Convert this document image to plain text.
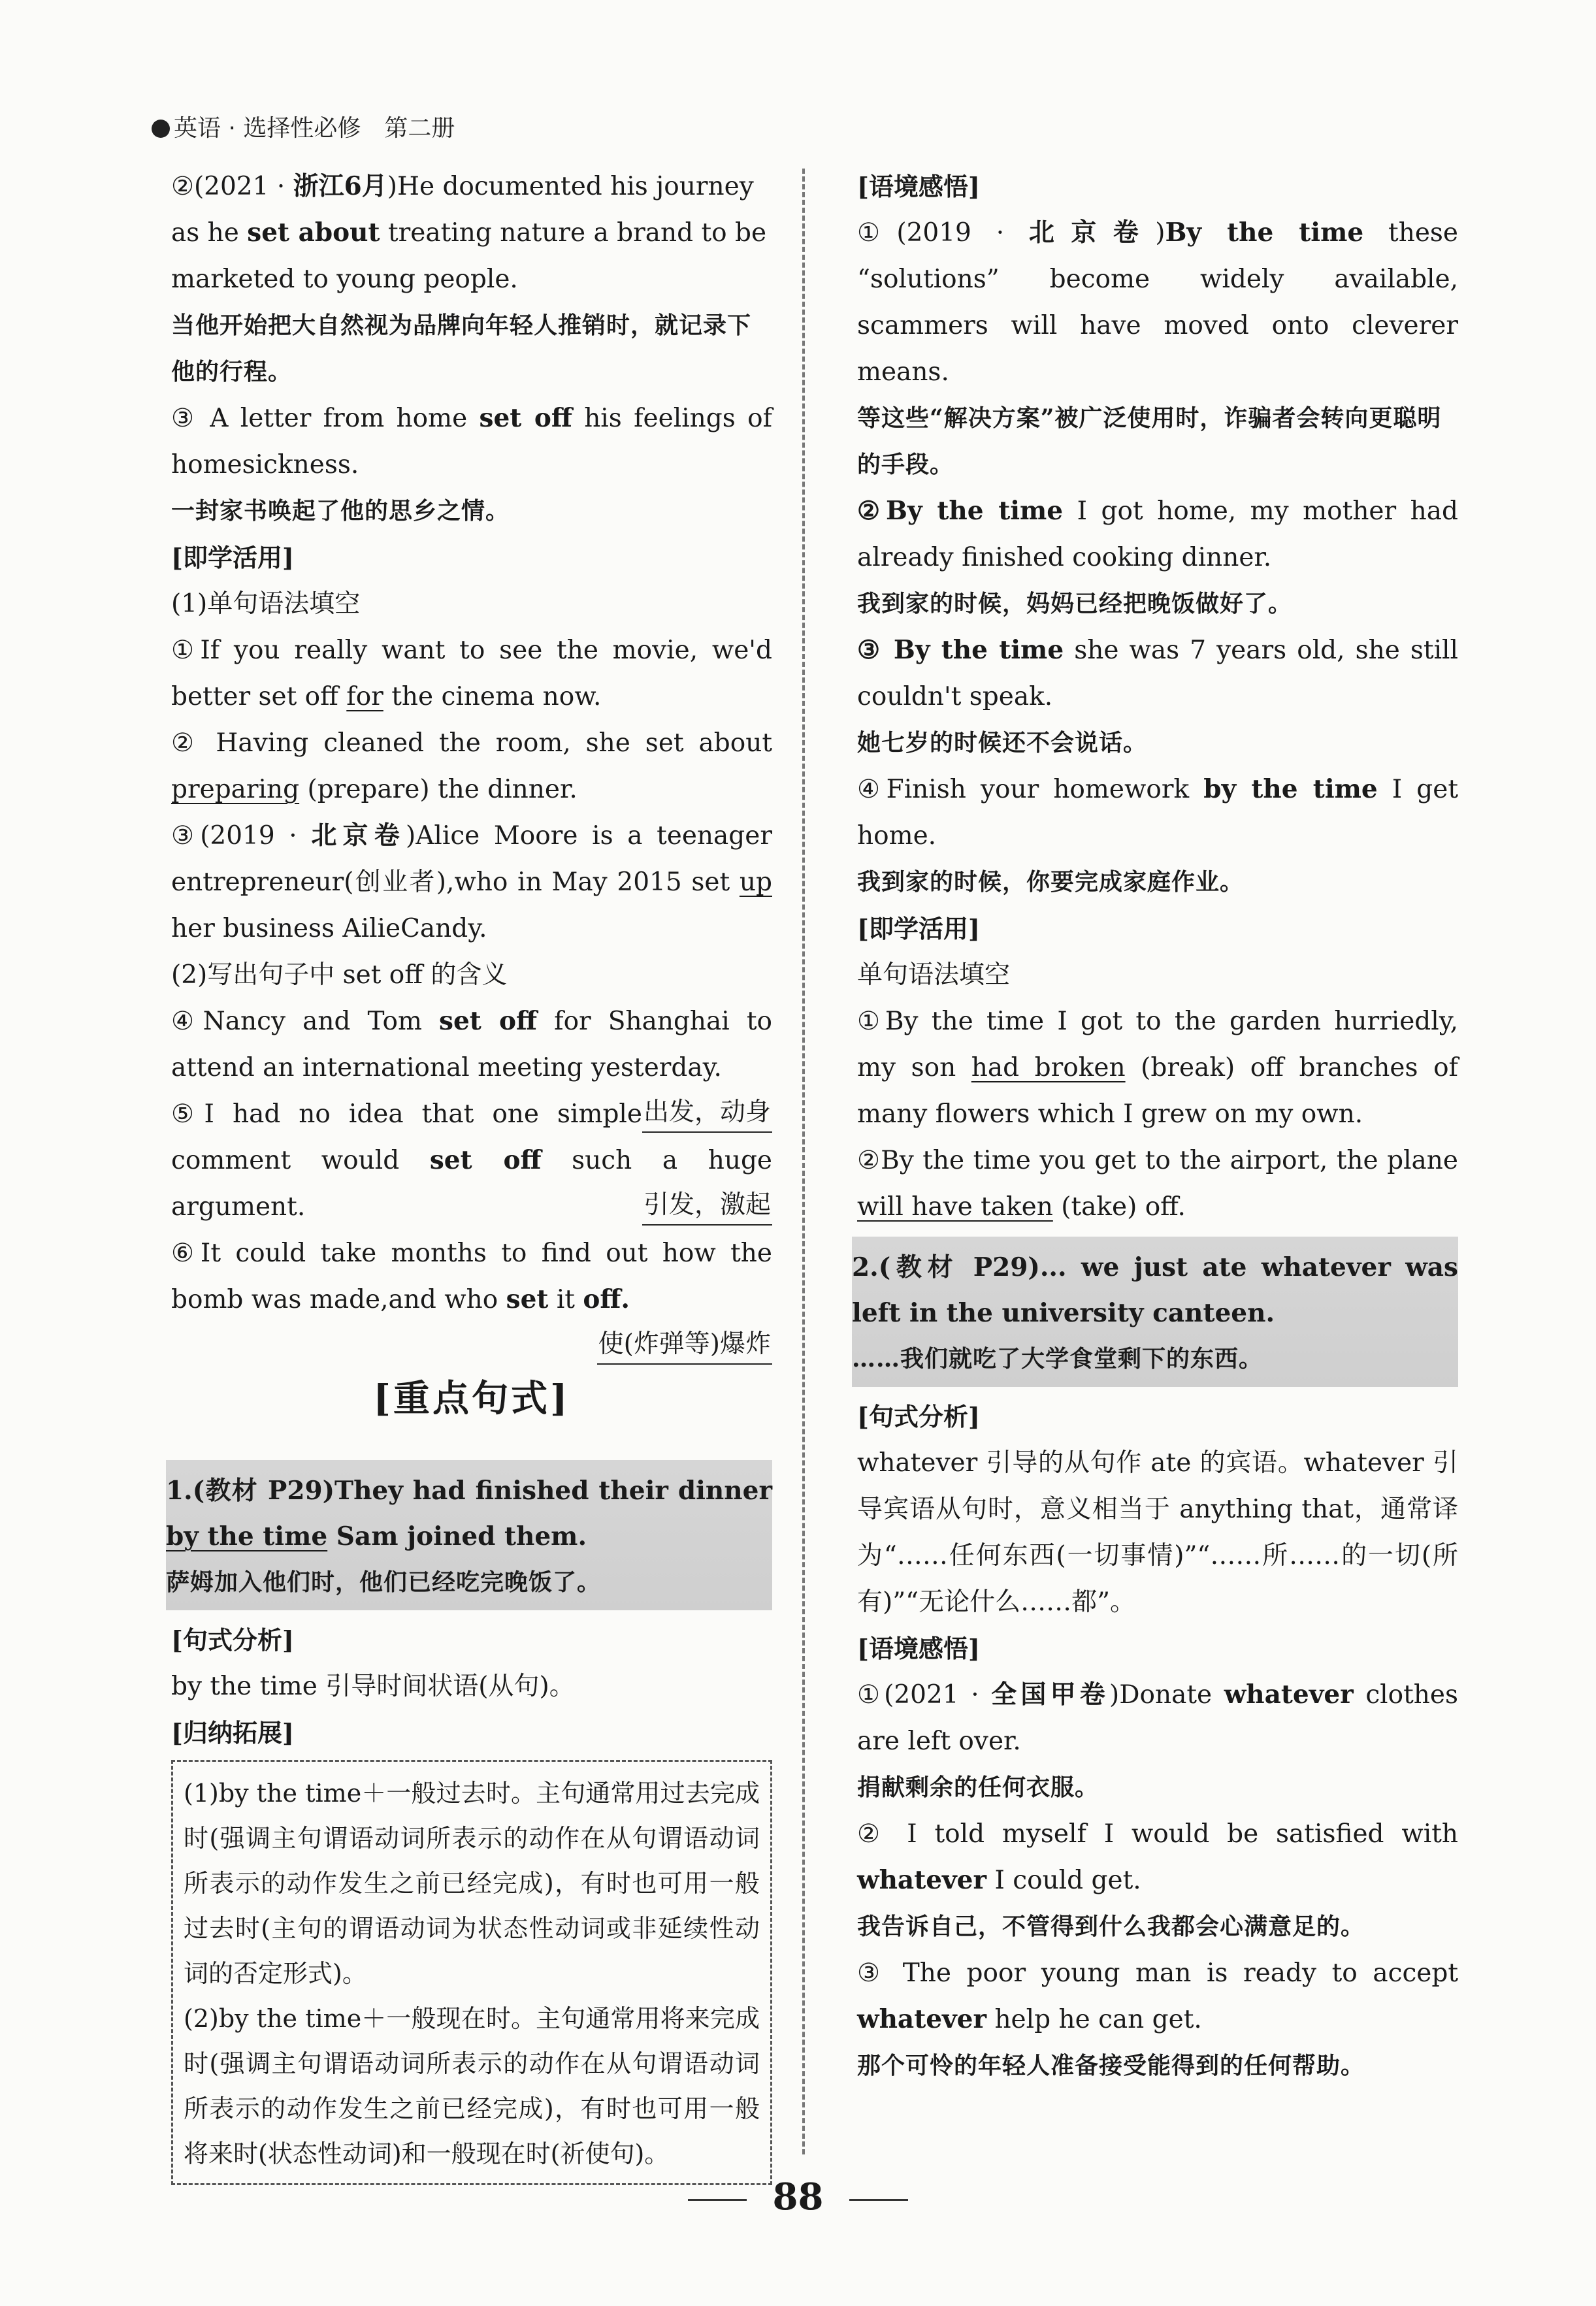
英语 · 选择性必修　第二册

②(2021 · 浙江6月)He documented his journey
as he set about treating nature a brand to be
marketed to young people.

当他开始把大自然视为品牌向年轻人推销时，就记录下他的行程。

③ A letter from home set off his feelings of homesickness.

一封家书唤起了他的思乡之情。

[即学活用]

(1)单句语法填空

①If you really want to see the movie, we'd better set off for the cinema now.

② Having cleaned the room, she set about preparing (prepare) the dinner.

③(2019 · 北京卷)Alice Moore is a teenager entrepreneur(创业者),who in May 2015 set up her business AilieCandy.

(2)写出句子中 set off 的含义

④Nancy and Tom set off for Shanghai to attend an international meeting yesterday.
出发，动身

⑤I had no idea that one simple comment would set off such a huge argument.	引发，激起

⑥It could take months to find out how the bomb was made,and who set it off.
使(炸弹等)爆炸

[重点句式]

1.(教材 P29)They had finished their dinner by the time Sam joined them.

萨姆加入他们时，他们已经吃完晚饭了。

[句式分析]

by the time 引导时间状语(从句)。

[归纳拓展]

(1)by the time＋一般过去时。主句通常用过去完成时(强调主句谓语动词所表示的动作在从句谓语动词所表示的动作发生之前已经完成)，有时也可用一般过去时(主句的谓语动词为状态性动词或非延续性动词的否定形式)。

(2)by the time＋一般现在时。主句通常用将来完成时(强调主句谓语动词所表示的动作在从句谓语动词所表示的动作发生之前已经完成)，有时也可用一般将来时(状态性动词)和一般现在时(祈使句)。

[语境感悟]

①(2019 · 北京卷)By the time these “solutions” become widely available, scammers will have moved onto cleverer means.

等这些“解决方案”被广泛使用时，诈骗者会转向更聪明的手段。

②By the time I got home, my mother had already finished cooking dinner.

我到家的时候，妈妈已经把晚饭做好了。

③ By the time she was 7 years old, she still couldn't speak.

她七岁的时候还不会说话。

④Finish your homework by the time I get home.

我到家的时候，你要完成家庭作业。

[即学活用]

单句语法填空

①By the time I got to the garden hurriedly, my son had broken (break) off branches of many flowers which I grew on my own.

②By the time you get to the airport, the plane will have taken (take) off.

2.(教材 P29)... we just ate whatever was left in the university canteen.

……我们就吃了大学食堂剩下的东西。

[句式分析]

whatever 引导的从句作 ate 的宾语。whatever 引导宾语从句时，意义相当于 anything that，通常译为“……任何东西(一切事情)”“……所……的一切(所有)”“无论什么……都”。

[语境感悟]

①(2021 · 全国甲卷)Donate whatever clothes are left over.

捐献剩余的任何衣服。

② I told myself I would be satisfied with whatever I could get.

我告诉自己，不管得到什么我都会心满意足的。

③ The poor young man is ready to accept whatever help he can get.

那个可怜的年轻人准备接受能得到的任何帮助。

88
